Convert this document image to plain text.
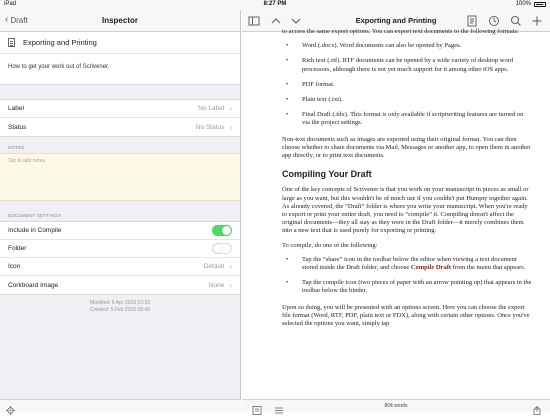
iPad	8:27 PM	100%
‹ Draft	Inspector
Exporting and Printing
How to get your work out of Scrivener.
Label	No Label ›
Status	No Status ›
NOTES
Tap to add notes.
DOCUMENT SETTINGS
Include in Compile
Folder
Icon	Default ›
Corkboard Image	None ›
Modified: 6 Apr 2018 10:10
Created: 5 Feb 2016 09:49
Exporting and Printing

to access the same export options. You can export text documents to the following formats:

• Word (.docx). Word documents can also be opened by Pages.
• Rich text (.rtf). RTF documents can be opened by a wide variety of desktop word processors, although there is not yet much support for it among other iOS apps.
• PDF format.
• Plain text (.txt).
• Final Draft (.fdx). This format is only available if scriptwriting features are turned on via the project settings.

Non-text documents such as images are exported using their original format. You can then choose whether to share documents via Mail, Messages or another app, to open them in another app directly, or to print text documents.

Compiling Your Draft

One of the key concepts of Scrivener is that you work on your manuscript in pieces as small or large as you want, but this wouldn't be of much use if you couldn't put Humpty together again. As already covered, the “Draft” folder is where you write your manuscript. When you're ready to export or print your entire draft, you need to “compile” it. Compiling doesn't affect the original documents—they all stay as they were in the Draft folder—it merely combines them into a new text that is used purely for exporting or printing.

To compile, do one of the following:

• Tap the “share” icon in the toolbar below the editor when viewing a text document stored inside the Draft folder, and choose Compile Draft from the menu that appears.
• Tap the compile icon (two pieces of paper with an arrow pointing up) that appears in the toolbar below the binder.

Upon so doing, you will be presented with an options screen. Here you can choose the export file format (Word, RTF, PDF, plain text or FDX), along with certain other options. Once you've selected the options you want, simply tap

804 words
